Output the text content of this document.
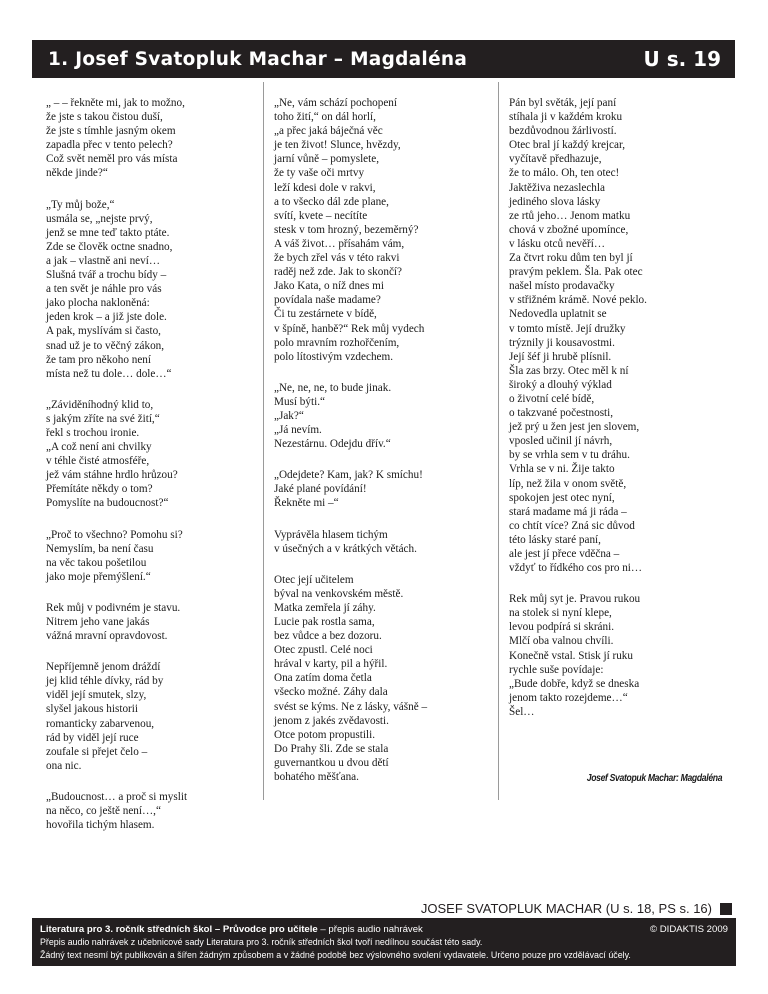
1. Josef Svatopluk Machar – Magdaléna	U s. 19
„ – – řekněte mi, jak to možno,
že jste s takou čistou duší,
že jste s tímhle jasným okem
zapadla přec v tento pelech?
Což svět neměl pro vás místa
někde jinde?“
„Ty můj bože,“
usmála se, „nejste prvý,
jenž se mne teď takto ptáte.
Zde se člověk octne snadno,
a jak – vlastně ani neví…
Slušná tvář a trochu bídy –
a ten svět je náhle pro vás
jako plocha nakloněná:
jeden krok – a již jste dole.
A pak, myslívám si často,
snad už je to věčný zákon,
že tam pro někoho není
místa než tu dole… dole…“
„Záviděníhodný klid to,
s jakým zříte na své žití,“
řekl s trochou ironie.
„A což není ani chvilky
v téhle čisté atmosféře,
jež vám stáhne hrdlo hrůzou?
Přemítáte někdy o tom?
Pomyslíte na budoucnost?“
„Proč to všechno? Pomohu si?
Nemyslím, ba není času
na věc takou pošetilou
jako moje přemýšlení.“
Rek můj v podivném je stavu.
Nitrem jeho vane jakás
vážná mravní opravdovost.
Nepříjemně jenom dráždí
jej klid téhle dívky, rád by
viděl její smutek, slzy,
slyšel jakous historii
romanticky zabarvenou,
rád by viděl její ruce
zoufale si přejet čelo –
ona nic.
„Budoucnost… a proč si myslit
na něco, co ještě není…,“
hovořila tichým hlasem.
„Ne, vám schází pochopení
toho žití,“ on dál horlí,
„a přec jaká báječná věc
je ten život! Slunce, hvězdy,
jarní vůně – pomyslete,
že ty vaše oči mrtvy
leží kdesi dole v rakvi,
a to všecko dál zde plane,
svítí, kvete – necítíte
stesk v tom hrozný, bezeměrný?
A váš život… přísahám vám,
že bych zřel vás v této rakvi
raděj než zde. Jak to skončí?
Jako Kata, o níž dnes mi
povídala naše madame?
Či tu zestárnete v bídě,
v špíně, hanbě?“ Rek můj vydech
polo mravním rozhořčením,
polo lítostivým vzdechem.
„Ne, ne, ne, to bude jinak.
Musí býti.“
„Jak?“
„Já nevím.
Nezestárnu. Odejdu dřív.“
„Odejdete? Kam, jak? K smíchu!
Jaké plané povídání!
Řekněte mi –“
Vyprávěla hlasem tichým
v úsečných a v krátkých větách.
Otec její učitelem
býval na venkovském městě.
Matka zemřela jí záhy.
Lucie pak rostla sama,
bez vůdce a bez dozoru.
Otec zpustl. Celé noci
hrával v karty, pil a hýřil.
Ona zatím doma četla
všecko možné. Záhy dala
svést se kýms. Ne z lásky, vášně –
jenom z jakés zvědavosti.
Otce potom propustili.
Do Prahy šli. Zde se stala
guvernantkou u dvou dětí
bohatého měšťana.
Pán byl světák, její paní
stíhala ji v každém kroku
bezdůvodnou žárlivostí.
Otec bral jí každý krejcar,
vyčítavě předhazuje,
že to málo. Oh, ten otec!
Jaktěživa nezaslechla
jediného slova lásky
ze rtů jeho… Jenom matku
chová v zbožné upomínce,
v lásku otců nevěří…
Za čtvrt roku dům ten byl jí
pravým peklem. Šla. Pak otec
našel místo prodavačky
v střižném krámě. Nové peklo.
Nedovedla uplatnit se
v tomto místě. Její družky
trýznily ji kousavostmi.
Její šéf ji hrubě plísnil.
Šla zas brzy. Otec měl k ní
široký a dlouhý výklad
o životní celé bídě,
o takzvané počestnosti,
jež prý u žen jest jen slovem,
vposled učinil jí návrh,
by se vrhla sem v tu dráhu.
Vrhla se v ni. Žije takto
líp, než žila v onom světě,
spokojen jest otec nyní,
stará madame má ji ráda –
co chtít více? Zná sic důvod
této lásky staré paní,
ale jest jí přece vděčna –
vždyť to řídkého cos pro ni…
Rek můj syt je. Pravou rukou
na stolek si nyní klepe,
levou podpírá si skráni.
Mlčí oba valnou chvíli.
Konečně vstal. Stisk jí ruku
rychle suše povídaje:
„Bude dobře, když se dneska
jenom takto rozejdeme…“
Šel…
Josef Svatopuk Machar: Magdaléna
JOSEF SVATOPLUK MACHAR (U s. 18, PS s. 16)
Literatura pro 3. ročník středních škol – Průvodce pro učitele – přepis audio nahrávek	© DIDAKTIS 2009
Přepis audio nahrávek z učebnicové sady Literatura pro 3. ročník středních škol tvoří nedílnou součást této sady.
Žádný text nesmí být publikován a šířen žádným způsobem a v žádné podobě bez výslovného svolení vydavatele. Určeno pouze pro vzdělávací účely.
